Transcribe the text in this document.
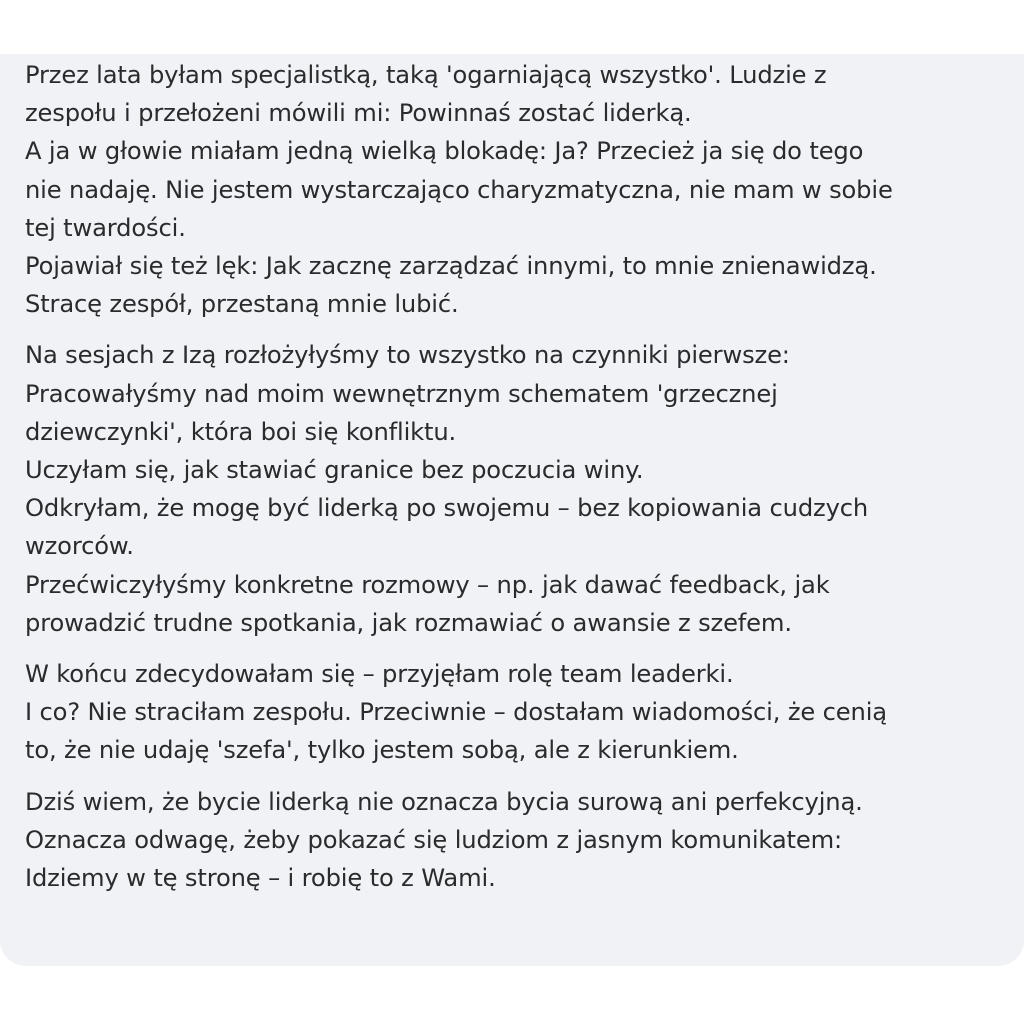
Przez lata byłam specjalistką, taką 'ogarniającą wszystko'. Ludzie z
zespołu i przełożeni mówili mi: Powinnaś zostać liderką.
A ja w głowie miałam jedną wielką blokadę: Ja? Przecież ja się do tego
nie nadaję. Nie jestem wystarczająco charyzmatyczna, nie mam w sobie
tej twardości.
Pojawiał się też lęk: Jak zacznę zarządzać innymi, to mnie znienawidzą.
Stracę zespół, przestaną mnie lubić.
Na sesjach z Izą rozłożyłyśmy to wszystko na czynniki pierwsze:
Pracowałyśmy nad moim wewnętrznym schematem 'grzecznej
dziewczynki', która boi się konfliktu.
Uczyłam się, jak stawiać granice bez poczucia winy.
Odkryłam, że mogę być liderką po swojemu – bez kopiowania cudzych
wzorców.
Przećwiczyłyśmy konkretne rozmowy – np. jak dawać feedback, jak
prowadzić trudne spotkania, jak rozmawiać o awansie z szefem.
W końcu zdecydowałam się – przyjęłam rolę team leaderki.
I co? Nie straciłam zespołu. Przeciwnie – dostałam wiadomości, że cenią
to, że nie udaję 'szefa', tylko jestem sobą, ale z kierunkiem.
Dziś wiem, że bycie liderką nie oznacza bycia surową ani perfekcyjną.
Oznacza odwagę, żeby pokazać się ludziom z jasnym komunikatem:
Idziemy w tę stronę – i robię to z Wami.
